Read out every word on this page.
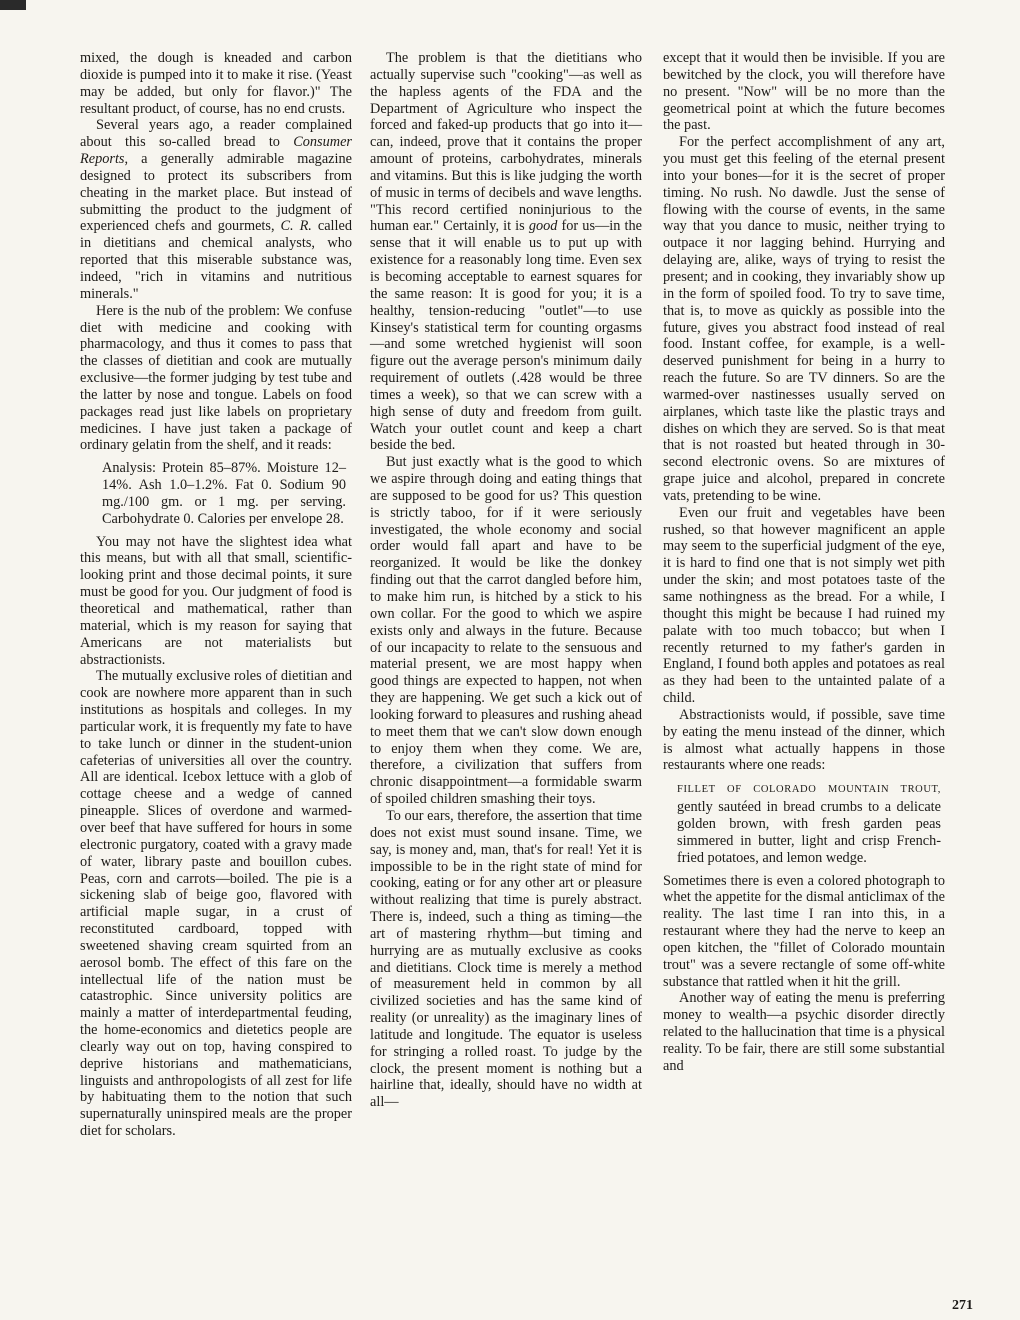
mixed, the dough is kneaded and carbon dioxide is pumped into it to make it rise. (Yeast may be added, but only for flavor.)" The resultant product, of course, has no end crusts.

Several years ago, a reader complained about this so-called bread to Consumer Reports, a generally admirable magazine designed to protect its subscribers from cheating in the market place. But instead of submitting the product to the judgment of experienced chefs and gourmets, C. R. called in dietitians and chemical analysts, who reported that this miserable substance was, indeed, "rich in vitamins and nutritious minerals."

Here is the nub of the problem: We confuse diet with medicine and cooking with pharmacology, and thus it comes to pass that the classes of dietitian and cook are mutually exclusive—the former judging by test tube and the latter by nose and tongue. Labels on food packages read just like labels on proprietary medicines. I have just taken a package of ordinary gelatin from the shelf, and it reads:

Analysis: Protein 85–87%. Moisture 12–14%. Ash 1.0–1.2%. Fat 0. Sodium 90 mg./100 gm. or 1 mg. per serving. Carbohydrate 0. Calories per envelope 28.

You may not have the slightest idea what this means, but with all that small, scientific-looking print and those decimal points, it sure must be good for you. Our judgment of food is theoretical and mathematical, rather than material, which is my reason for saying that Americans are not materialists but abstractionists.

The mutually exclusive roles of dietitian and cook are nowhere more apparent than in such institutions as hospitals and colleges. In my particular work, it is frequently my fate to have to take lunch or dinner in the student-union cafeterias of universities all over the country. All are identical. Icebox lettuce with a glob of cottage cheese and a wedge of canned pineapple. Slices of overdone and warmed-over beef that have suffered for hours in some electronic purgatory, coated with a gravy made of water, library paste and bouillon cubes. Peas, corn and carrots—boiled. The pie is a sickening slab of beige goo, flavored with artificial maple sugar, in a crust of reconstituted cardboard, topped with sweetened shaving cream squirted from an aerosol bomb. The effect of this fare on the intellectual life of the nation must be catastrophic. Since university politics are mainly a matter of interdepartmental feuding, the home-economics and dietetics people are clearly way out on top, having conspired to deprive historians and mathematicians, linguists and anthropologists of all zest for life by habituating them to the notion that such supernaturally uninspired meals are the proper diet for scholars.

The problem is that the dietitians who actually supervise such "cooking"—as well as the hapless agents of the FDA and the Department of Agriculture who inspect the forced and faked-up products that go into it—can, indeed, prove that it contains the proper amount of proteins, carbohydrates, minerals and vitamins. But this is like judging the worth of music in terms of decibels and wave lengths. "This record certified noninjurious to the human ear." Certainly, it is good for us—in the sense that it will enable us to put up with existence for a reasonably long time. Even sex is becoming acceptable to earnest squares for the same reason: It is good for you; it is a healthy, tension-reducing "outlet"—to use Kinsey's statistical term for counting orgasms—and some wretched hygienist will soon figure out the average person's minimum daily requirement of outlets (.428 would be three times a week), so that we can screw with a high sense of duty and freedom from guilt. Watch your outlet count and keep a chart beside the bed.

But just exactly what is the good to which we aspire through doing and eating things that are supposed to be good for us? This question is strictly taboo, for if it were seriously investigated, the whole economy and social order would fall apart and have to be reorganized. It would be like the donkey finding out that the carrot dangled before him, to make him run, is hitched by a stick to his own collar. For the good to which we aspire exists only and always in the future. Because of our incapacity to relate to the sensuous and material present, we are most happy when good things are expected to happen, not when they are happening. We get such a kick out of looking forward to pleasures and rushing ahead to meet them that we can't slow down enough to enjoy them when they come. We are, therefore, a civilization that suffers from chronic disappointment—a formidable swarm of spoiled children smashing their toys.

To our ears, therefore, the assertion that time does not exist must sound insane. Time, we say, is money and, man, that's for real! Yet it is impossible to be in the right state of mind for cooking, eating or for any other art or pleasure without realizing that time is purely abstract. There is, indeed, such a thing as timing—the art of mastering rhythm—but timing and hurrying are as mutually exclusive as cooks and dietitians. Clock time is merely a method of measurement held in common by all civilized societies and has the same kind of reality (or unreality) as the imaginary lines of latitude and longitude. The equator is useless for stringing a rolled roast. To judge by the clock, the present moment is nothing but a hairline that, ideally, should have no width at all—

except that it would then be invisible. If you are bewitched by the clock, you will therefore have no present. "Now" will be no more than the geometrical point at which the future becomes the past.

For the perfect accomplishment of any art, you must get this feeling of the eternal present into your bones—for it is the secret of proper timing. No rush. No dawdle. Just the sense of flowing with the course of events, in the same way that you dance to music, neither trying to outpace it nor lagging behind. Hurrying and delaying are, alike, ways of trying to resist the present; and in cooking, they invariably show up in the form of spoiled food. To try to save time, that is, to move as quickly as possible into the future, gives you abstract food instead of real food. Instant coffee, for example, is a well-deserved punishment for being in a hurry to reach the future. So are TV dinners. So are the warmed-over nastinesses usually served on airplanes, which taste like the plastic trays and dishes on which they are served. So is that meat that is not roasted but heated through in 30-second electronic ovens. So are mixtures of grape juice and alcohol, prepared in concrete vats, pretending to be wine.

Even our fruit and vegetables have been rushed, so that however magnificent an apple may seem to the superficial judgment of the eye, it is hard to find one that is not simply wet pith under the skin; and most potatoes taste of the same nothingness as the bread. For a while, I thought this might be because I had ruined my palate with too much tobacco; but when I recently returned to my father's garden in England, I found both apples and potatoes as real as they had been to the untainted palate of a child.

Abstractionists would, if possible, save time by eating the menu instead of the dinner, which is almost what actually happens in those restaurants where one reads:

FILLET OF COLORADO MOUNTAIN TROUT, gently sautéed in bread crumbs to a delicate golden brown, with fresh garden peas simmered in butter, light and crisp French-fried potatoes, and lemon wedge.

Sometimes there is even a colored photograph to whet the appetite for the dismal anticlimax of the reality. The last time I ran into this, in a restaurant where they had the nerve to keep an open kitchen, the "fillet of Colorado mountain trout" was a severe rectangle of some off-white substance that rattled when it hit the grill.

Another way of eating the menu is preferring money to wealth—a psychic disorder directly related to the hallucination that time is a physical reality. To be fair, there are still some substantial and

271
